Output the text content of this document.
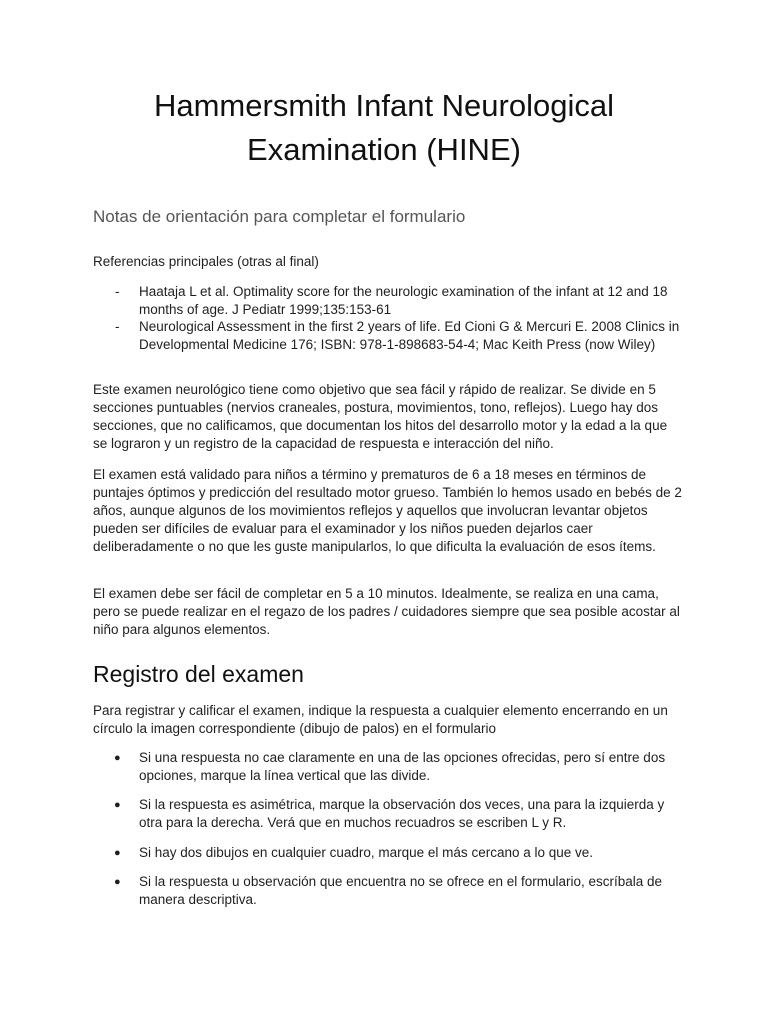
Hammersmith Infant Neurological
Examination (HINE)
Notas de orientación para completar el formulario

Referencias principales (otras al final)

- Haataja L et al. Optimality score for the neurologic examination of the infant at 12 and 18 months of age. J Pediatr 1999;135:153-61
- Neurological Assessment in the first 2 years of life. Ed Cioni G & Mercuri E. 2008 Clinics in Developmental Medicine 176; ISBN: 978-1-898683-54-4; Mac Keith Press (now Wiley)

Este examen neurológico tiene como objetivo que sea fácil y rápido de realizar. Se divide en 5 secciones puntuables (nervios craneales, postura, movimientos, tono, reflejos). Luego hay dos secciones, que no calificamos, que documentan los hitos del desarrollo motor y la edad a la que se lograron y un registro de la capacidad de respuesta e interacción del niño.

El examen está validado para niños a término y prematuros de 6 a 18 meses en términos de puntajes óptimos y predicción del resultado motor grueso. También lo hemos usado en bebés de 2 años, aunque algunos de los movimientos reflejos y aquellos que involucran levantar objetos pueden ser difíciles de evaluar para el examinador y los niños pueden dejarlos caer deliberadamente o no que les guste manipularlos, lo que dificulta la evaluación de esos ítems.

El examen debe ser fácil de completar en 5 a 10 minutos. Idealmente, se realiza en una cama, pero se puede realizar en el regazo de los padres / cuidadores siempre que sea posible acostar al niño para algunos elementos.

Registro del examen

Para registrar y calificar el examen, indique la respuesta a cualquier elemento encerrando en un círculo la imagen correspondiente (dibujo de palos) en el formulario

● Si una respuesta no cae claramente en una de las opciones ofrecidas, pero sí entre dos opciones, marque la línea vertical que las divide.
● Si la respuesta es asimétrica, marque la observación dos veces, una para la izquierda y otra para la derecha. Verá que en muchos recuadros se escriben L y R.
● Si hay dos dibujos en cualquier cuadro, marque el más cercano a lo que ve.
● Si la respuesta u observación que encuentra no se ofrece en el formulario, escríbala de manera descriptiva.
